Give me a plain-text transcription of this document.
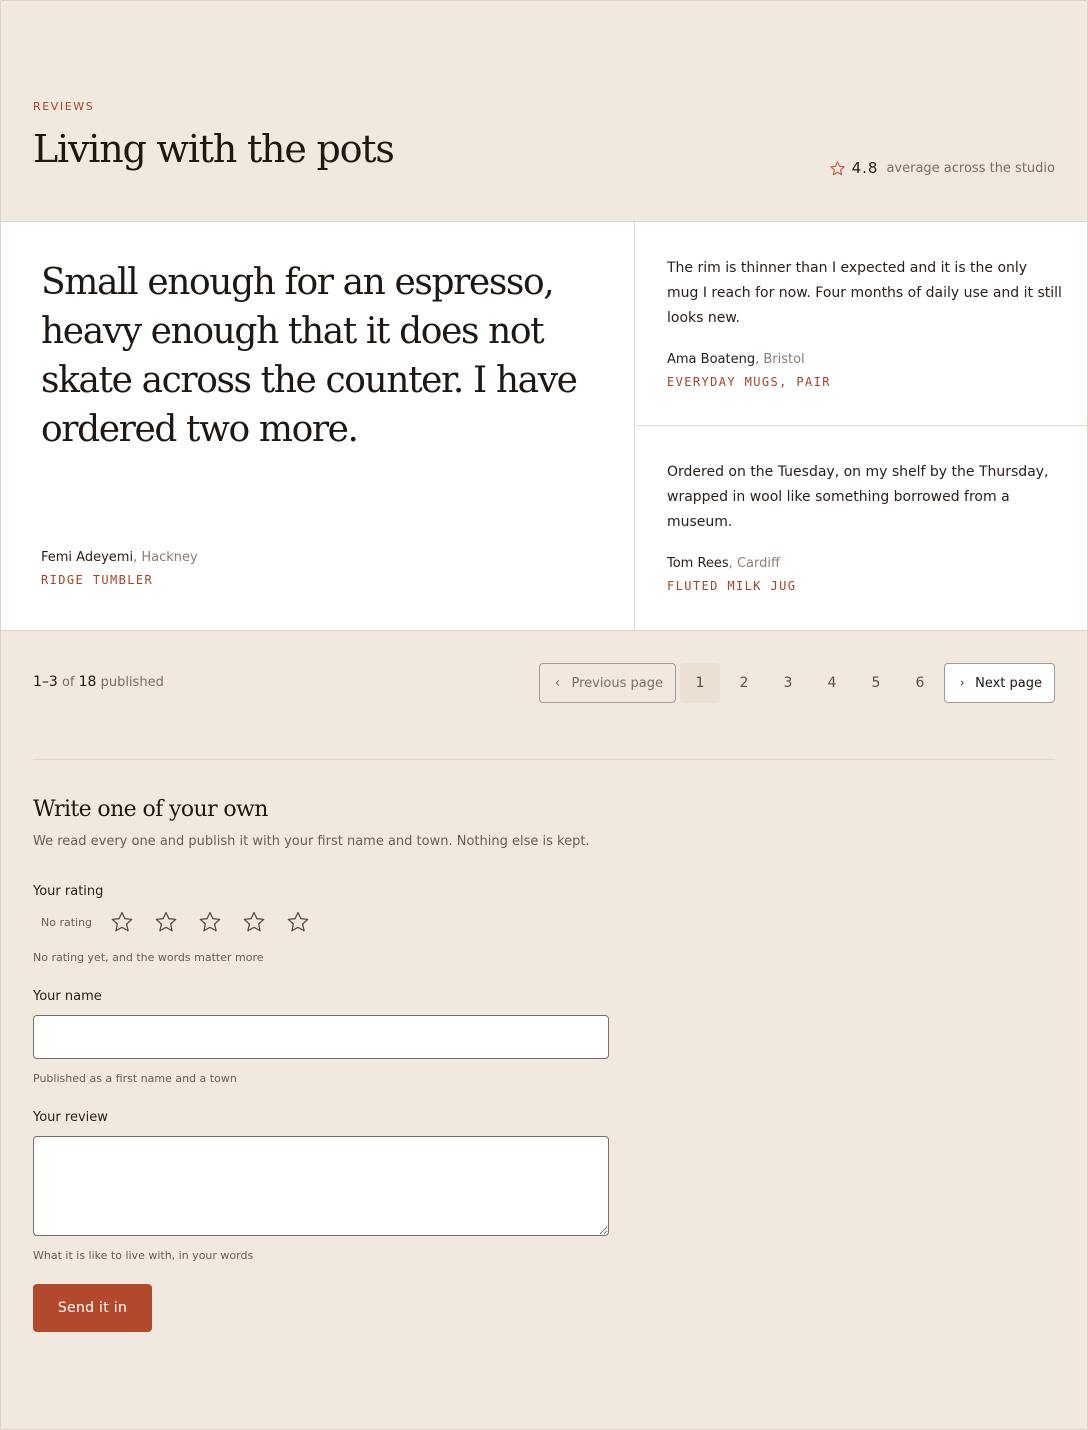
REVIEWS
Living with the pots	4.8 average across the studio
Small enough for an espresso, heavy enough that it does not skate across the counter. I have ordered two more.
Femi Adeyemi, Hackney
RIDGE TUMBLER

The rim is thinner than I expected and it is the only mug I reach for now. Four months of daily use and it still looks new.

Ama Boateng, Bristol
EVERYDAY MUGS, PAIR

Ordered on the Tuesday, on my shelf by the Thursday, wrapped in wool like something borrowed from a museum.

Tom Rees, Cardiff
FLUTED MILK JUG
1–3 of 18 published	Previous page	1	2	3	4	5	6	Next page
Write one of your own

We read every one and publish it with your first name and town. Nothing else is kept.

Your rating
No rating
No rating yet, and the words matter more
Your name
Published as a first name and a town
Your review
What it is like to live with, in your words
Send it in
